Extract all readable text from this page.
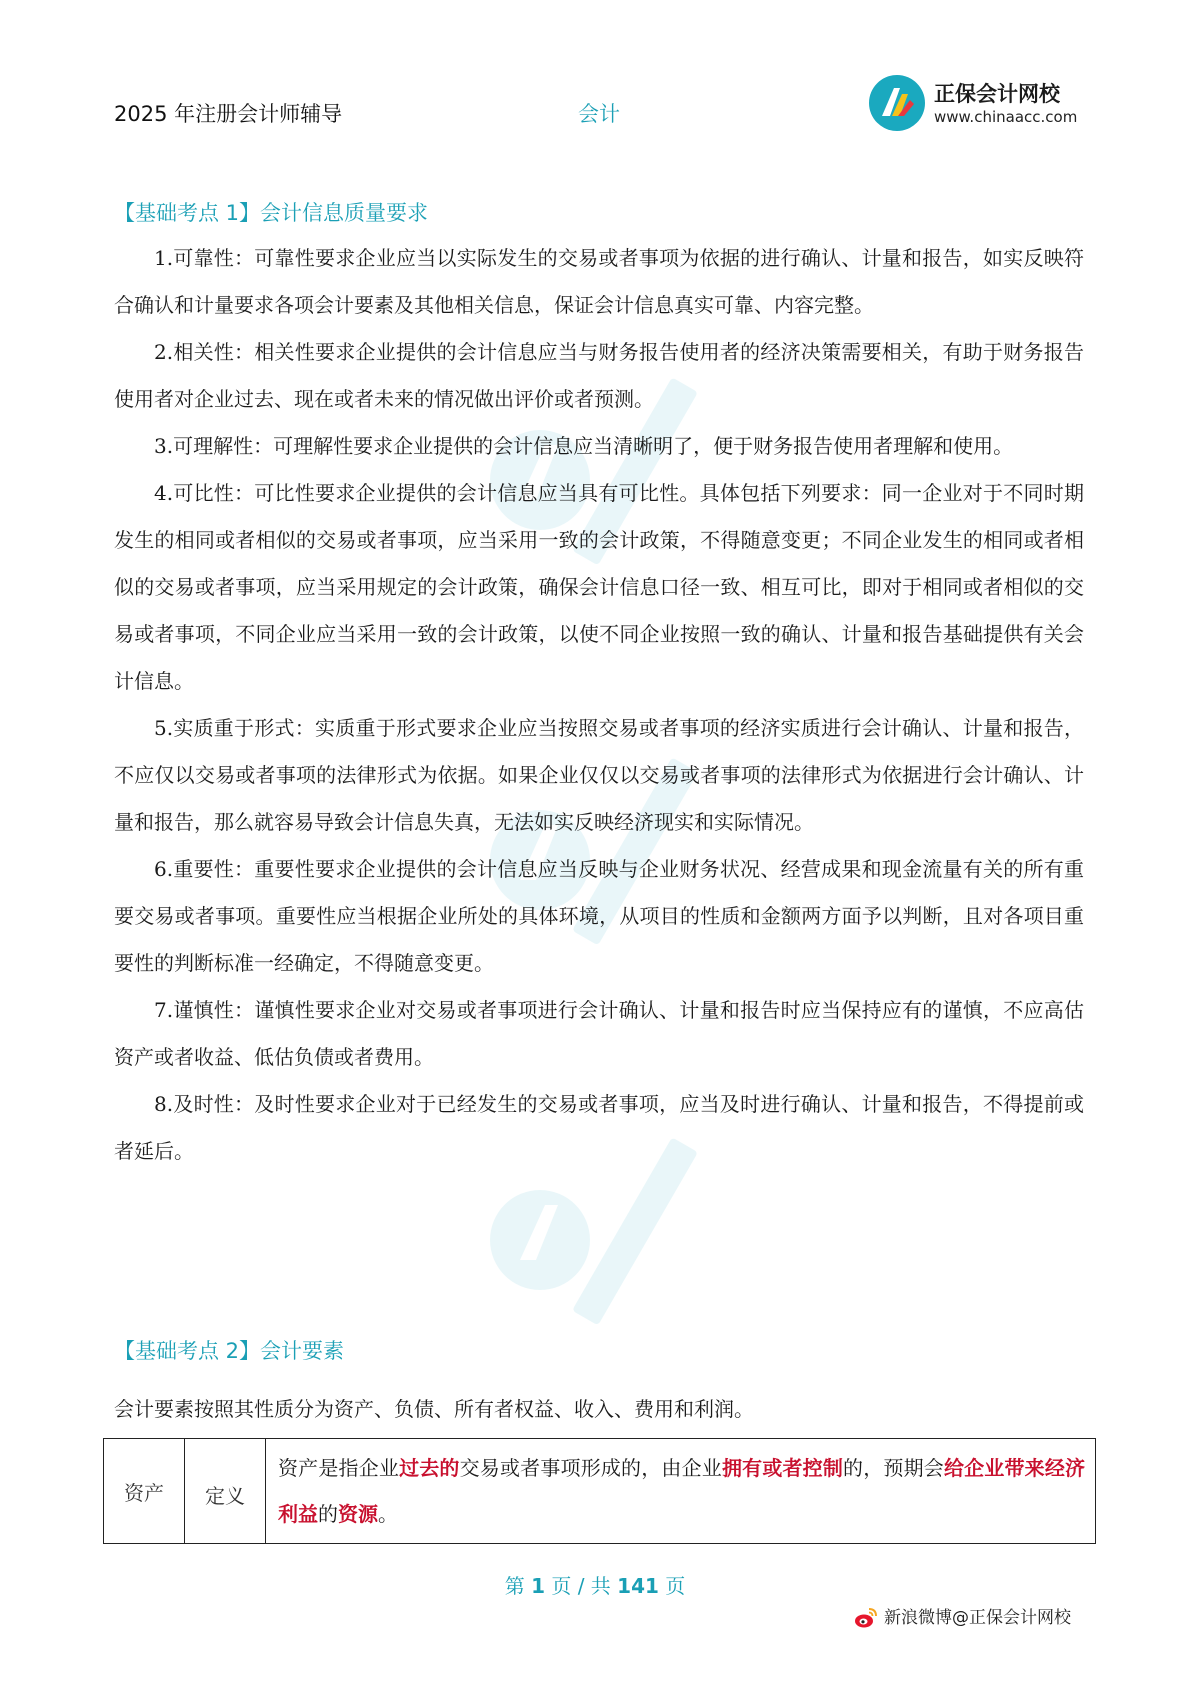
2025 年注册会计师辅导	会计
正保会计网校
www.chinaacc.com
【基础考点 1】会计信息质量要求

1.可靠性：可靠性要求企业应当以实际发生的交易或者事项为依据的进行确认、计量和报告，如实反映符合确认和计量要求各项会计要素及其他相关信息，保证会计信息真实可靠、内容完整。

2.相关性：相关性要求企业提供的会计信息应当与财务报告使用者的经济决策需要相关，有助于财务报告使用者对企业过去、现在或者未来的情况做出评价或者预测。

3.可理解性：可理解性要求企业提供的会计信息应当清晰明了，便于财务报告使用者理解和使用。

4.可比性：可比性要求企业提供的会计信息应当具有可比性。具体包括下列要求：同一企业对于不同时期发生的相同或者相似的交易或者事项，应当采用一致的会计政策，不得随意变更；不同企业发生的相同或者相似的交易或者事项，应当采用规定的会计政策，确保会计信息口径一致、相互可比，即对于相同或者相似的交易或者事项，不同企业应当采用一致的会计政策，以使不同企业按照一致的确认、计量和报告基础提供有关会计信息。

5.实质重于形式：实质重于形式要求企业应当按照交易或者事项的经济实质进行会计确认、计量和报告，不应仅以交易或者事项的法律形式为依据。如果企业仅仅以交易或者事项的法律形式为依据进行会计确认、计量和报告，那么就容易导致会计信息失真，无法如实反映经济现实和实际情况。

6.重要性：重要性要求企业提供的会计信息应当反映与企业财务状况、经营成果和现金流量有关的所有重要交易或者事项。重要性应当根据企业所处的具体环境，从项目的性质和金额两方面予以判断，且对各项目重要性的判断标准一经确定，不得随意变更。

7.谨慎性：谨慎性要求企业对交易或者事项进行会计确认、计量和报告时应当保持应有的谨慎，不应高估资产或者收益、低估负债或者费用。

8.及时性：及时性要求企业对于已经发生的交易或者事项，应当及时进行确认、计量和报告，不得提前或者延后。

【基础考点 2】会计要素
会计要素按照其性质分为资产、负债、所有者权益、收入、费用和利润。
资产	定义	资产是指企业过去的交易或者事项形成的，由企业拥有或者控制的，预期会给企业带来经济利益的资源。
第 1 页 / 共 141 页
新浪微博@正保会计网校
